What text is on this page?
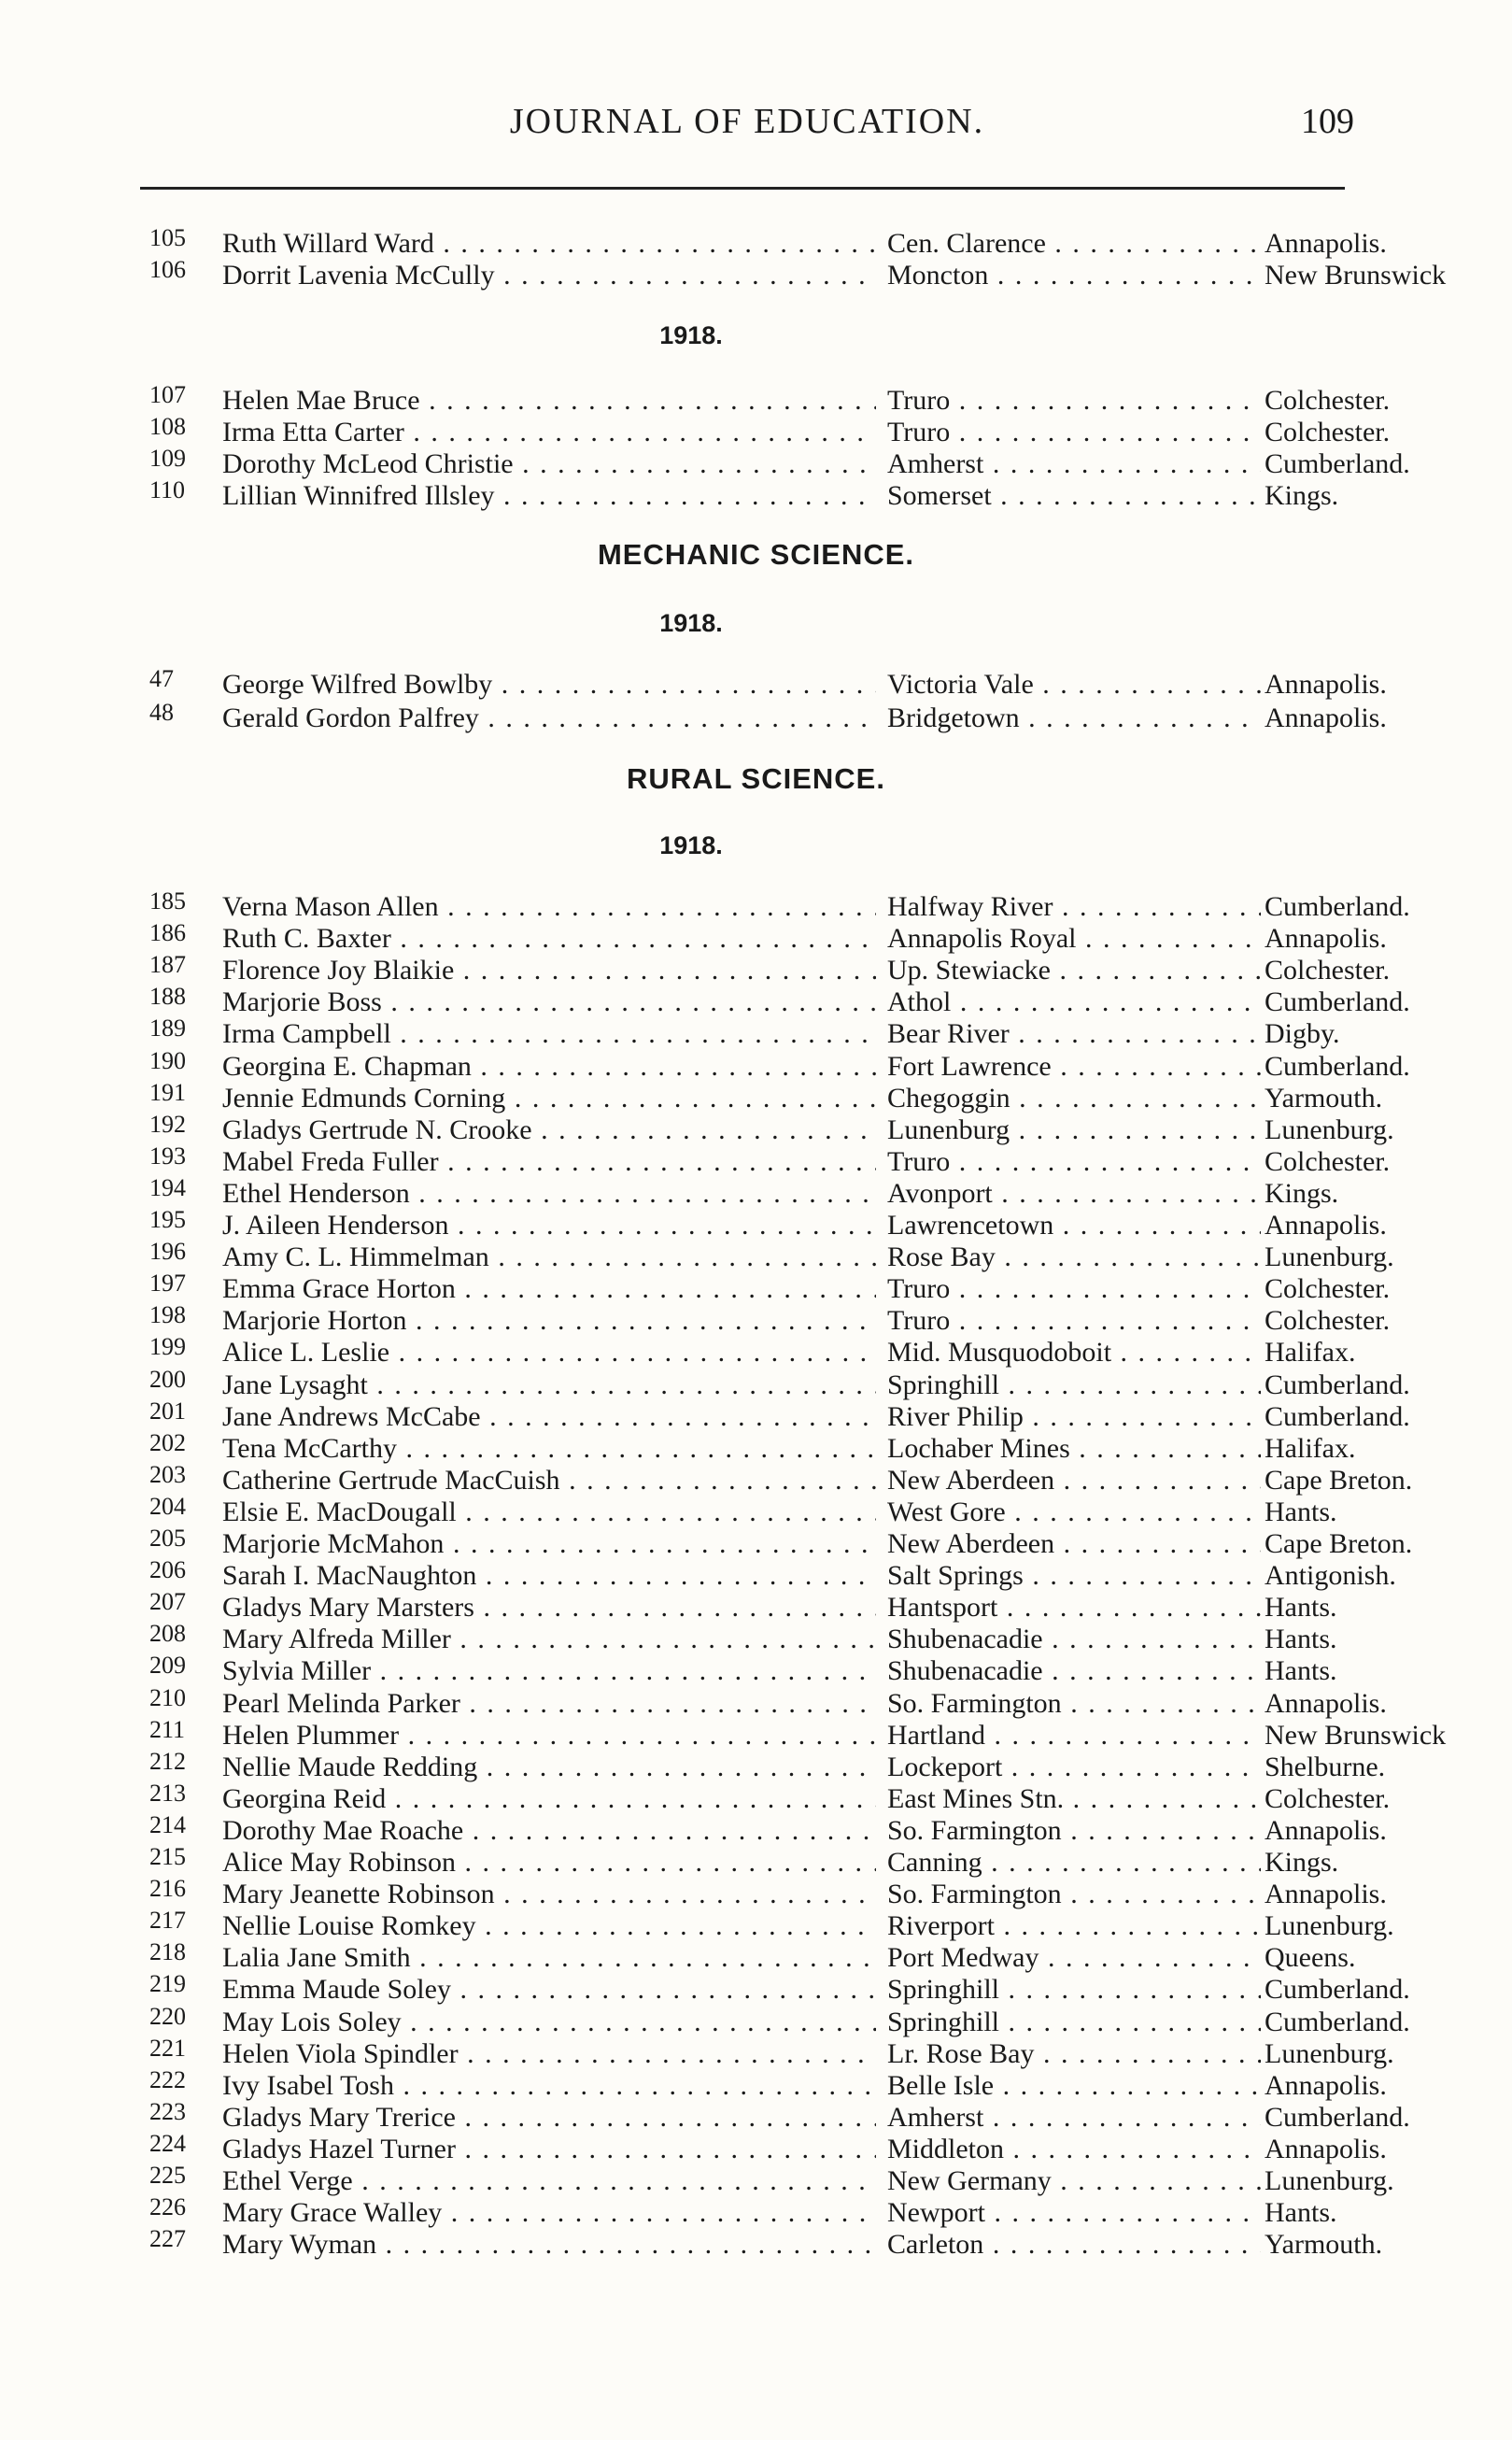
JOURNAL OF EDUCATION.	109
105	Ruth Willard Ward . . .	Cen. Clarence . . .	Annapolis.
106	Dorrit Lavenia McCully . . .	Moncton . . .	New Brunswick
1918.
107	Helen Mae Bruce . . .	Truro . . .	Colchester.
108	Irma Etta Carter . . .	Truro . . .	Colchester.
109	Dorothy McLeod Christie . . .	Amherst . . .	Cumberland.
110	Lillian Winnifred Illsley . . .	Somerset . . .	Kings.
MECHANIC SCIENCE.
1918.
47	George Wilfred Bowlby . . .	Victoria Vale . . .	Annapolis.
48	Gerald Gordon Palfrey . . .	Bridgetown . . .	Annapolis.
RURAL SCIENCE.
1918.
185	Verna Mason Allen . . .	Halfway River . . .	Cumberland.
186	Ruth C. Baxter . . .	Annapolis Royal . . .	Annapolis.
187	Florence Joy Blaikie . . .	Up. Stewiacke . . .	Colchester.
188	Marjorie Boss . . .	Athol . . .	Cumberland.
189	Irma Campbell . . .	Bear River . . .	Digby.
190	Georgina E. Chapman . . .	Fort Lawrence . . .	Cumberland.
191	Jennie Edmunds Corning . . .	Chegoggin . . .	Yarmouth.
192	Gladys Gertrude N. Crooke . . .	Lunenburg . . .	Lunenburg.
193	Mabel Freda Fuller . . .	Truro . . .	Colchester.
194	Ethel Henderson . . .	Avonport . . .	Kings.
195	J. Aileen Henderson . . .	Lawrencetown . . .	Annapolis.
196	Amy C. L. Himmelman . . .	Rose Bay . . .	Lunenburg.
197	Emma Grace Horton . . .	Truro . . .	Colchester.
198	Marjorie Horton . . .	Truro . . .	Colchester.
199	Alice L. Leslie . . .	Mid. Musquodoboit . . .	Halifax.
200	Jane Lysaght . . .	Springhill . . .	Cumberland.
201	Jane Andrews McCabe . . .	River Philip . . .	Cumberland.
202	Tena McCarthy . . .	Lochaber Mines . . .	Halifax.
203	Catherine Gertrude MacCuish . . .	New Aberdeen . . .	Cape Breton.
204	Elsie E. MacDougall . . .	West Gore . . .	Hants.
205	Marjorie McMahon . . .	New Aberdeen . . .	Cape Breton.
206	Sarah I. MacNaughton . . .	Salt Springs . . .	Antigonish.
207	Gladys Mary Marsters . . .	Hantsport . . .	Hants.
208	Mary Alfreda Miller . . .	Shubenacadie . . .	Hants.
209	Sylvia Miller . . .	Shubenacadie . . .	Hants.
210	Pearl Melinda Parker . . .	So. Farmington . . .	Annapolis.
211	Helen Plummer . . .	Hartland . . .	New Brunswick
212	Nellie Maude Redding . . .	Lockeport . . .	Shelburne.
213	Georgina Reid . . .	East Mines Stn. . . .	Colchester.
214	Dorothy Mae Roache . . .	So. Farmington . . .	Annapolis.
215	Alice May Robinson . . .	Canning . . .	Kings.
216	Mary Jeanette Robinson . . .	So. Farmington . . .	Annapolis.
217	Nellie Louise Romkey . . .	Riverport . . .	Lunenburg.
218	Lalia Jane Smith . . .	Port Medway . . .	Queens.
219	Emma Maude Soley . . .	Springhill . . .	Cumberland.
220	May Lois Soley . . .	Springhill . . .	Cumberland.
221	Helen Viola Spindler . . .	Lr. Rose Bay . . .	Lunenburg.
222	Ivy Isabel Tosh . . .	Belle Isle . . .	Annapolis.
223	Gladys Mary Trerice . . .	Amherst . . .	Cumberland.
224	Gladys Hazel Turner . . .	Middleton . . .	Annapolis.
225	Ethel Verge . . .	New Germany . . .	Lunenburg.
226	Mary Grace Walley . . .	Newport . . .	Hants.
227	Mary Wyman . . .	Carleton . . .	Yarmouth.
